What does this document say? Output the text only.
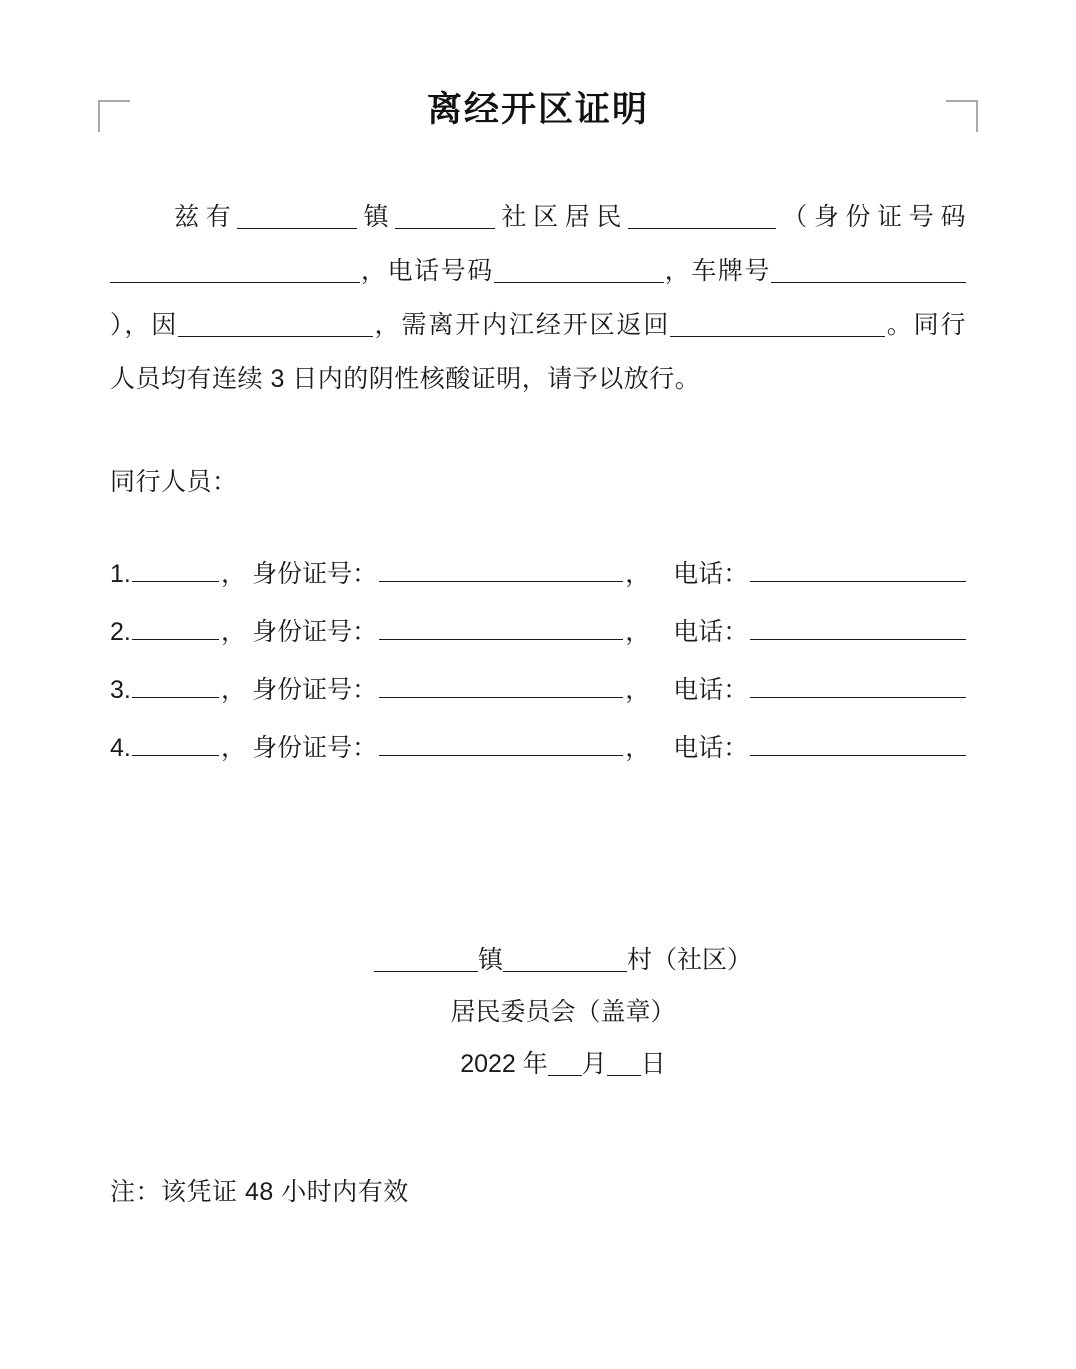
离经开区证明
兹有	镇	社区居民	（身份证号码，电话号码	，车牌号），因	，需离开内江经开区返回	。同行人员均有连续 3 日内的阴性核酸证明，请予以放行。
同行人员：
1.	， 身份证号：	， 电话：
2.	， 身份证号：	， 电话：
3.	， 身份证号：	， 电话：
4.	， 身份证号：	， 电话：
镇	村（社区）
居民委员会（盖章）
2022 年 月 日
注：该凭证 48 小时内有效
